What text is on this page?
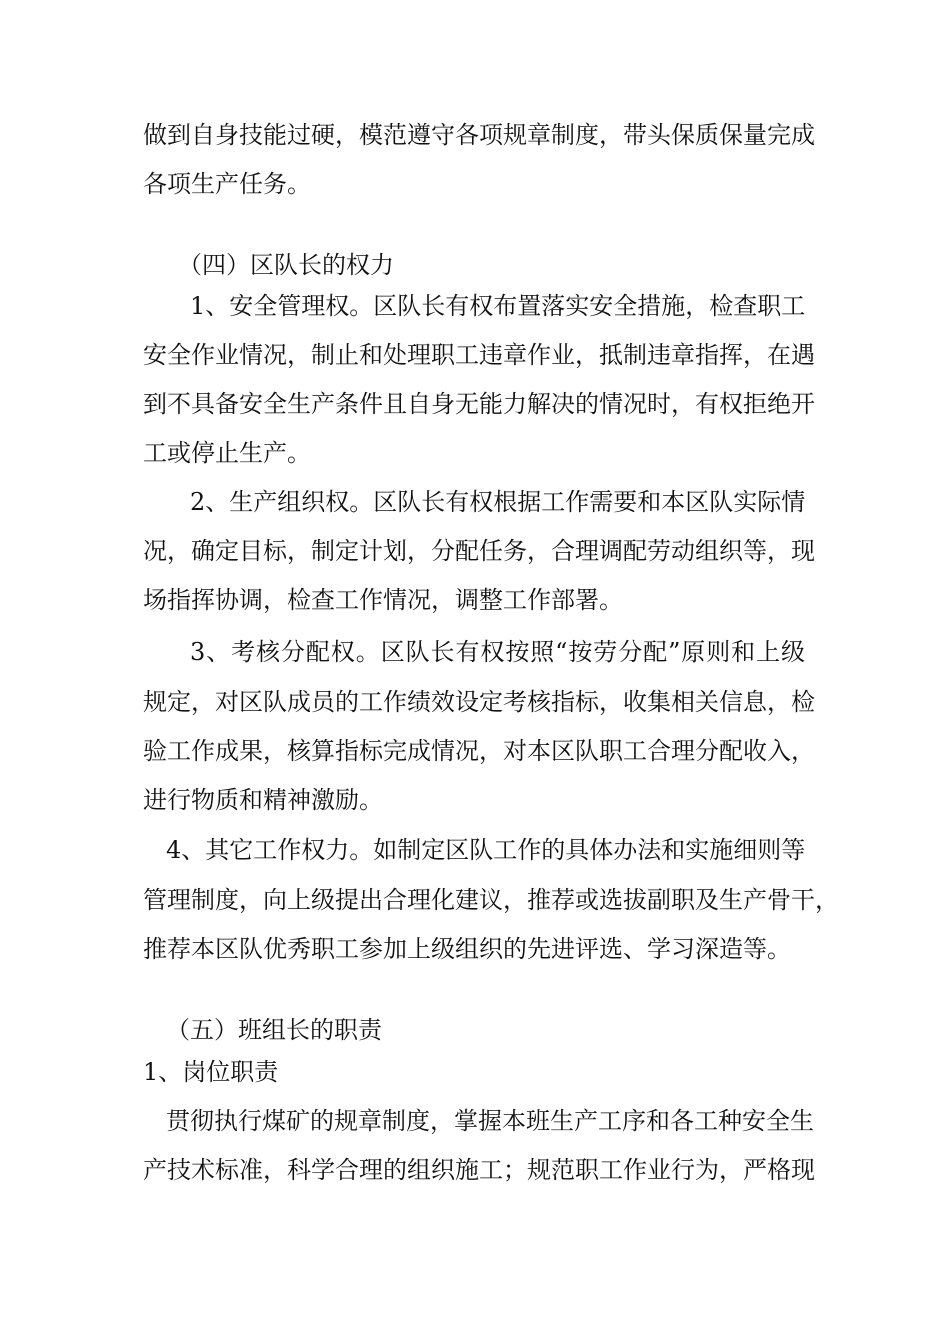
做到自身技能过硬，模范遵守各项规章制度，带头保质保量完成
各项生产任务。
（四）区队长的权力
1、安全管理权。区队长有权布置落实安全措施，检查职工
安全作业情况，制止和处理职工违章作业，抵制违章指挥，在遇
到不具备安全生产条件且自身无能力解决的情况时，有权拒绝开
工或停止生产。
2、生产组织权。区队长有权根据工作需要和本区队实际情
况，确定目标，制定计划，分配任务，合理调配劳动组织等，现
场指挥协调，检查工作情况，调整工作部署。
3、考核分配权。区队长有权按照“按劳分配”原则和上级
规定，对区队成员的工作绩效设定考核指标，收集相关信息，检
验工作成果，核算指标完成情况，对本区队职工合理分配收入，
进行物质和精神激励。
4、其它工作权力。如制定区队工作的具体办法和实施细则等
管理制度，向上级提出合理化建议，推荐或选拔副职及生产骨干，
推荐本区队优秀职工参加上级组织的先进评选、学习深造等。
（五）班组长的职责
1、岗位职责
贯彻执行煤矿的规章制度，掌握本班生产工序和各工种安全生
产技术标准，科学合理的组织施工；规范职工作业行为，严格现
